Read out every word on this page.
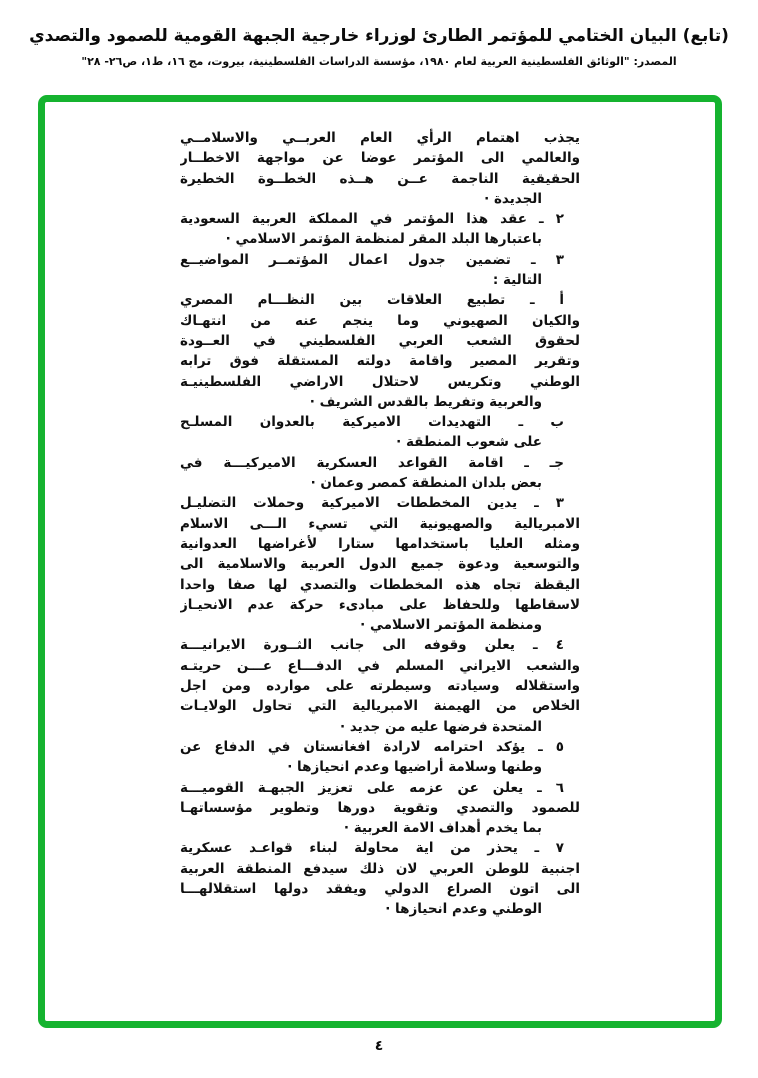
(تابع) البيان الختامي للمؤتمر الطارئ لوزراء خارجية الجبهة القومية للصمود والتصدي
المصدر: "الوثائق الفلسطينية العربية لعام ١٩٨٠، مؤسسة الدراسات الفلسطينية، بيروت، مج ١٦، ط١، ص٢٦- ٢٨"
يجذب اهتمام الرأي العام العربــي والاسلامــي
والعالمي الى المؤتمر عوضا عن مواجهة الاخطــار
الحقيقية الناجمة عــن هــذه الخطــوة الخطيرة
الجديدة ·
٢ ـ عقد هذا المؤتمر في المملكة العربية السعودية
باعتبارها البلد المقر لمنظمة المؤتمر الاسلامي ·
٣ ـ تضمين جدول اعمال المؤتمــر المواضيــع
التالية :
أ ـ تطبيع العلاقات بين النظـــام المصري
والكيان الصهيوني وما ينجم عنه من انتهـاك
لحقوق الشعب العربي الفلسطيني في العــودة
وتقرير المصير واقامة دولته المستقلة فوق ترابه
الوطني وتكريس لاحتلال الاراضي الفلسطينيـة
والعربية وتفريط بالقدس الشريف ·
ب ـ التهديدات الاميركية بالعدوان المسلـح
على شعوب المنطقة ·
جـ ـ اقامة القواعد العسكرية الاميركيـــة في
بعض بلدان المنطقة كمصر وعمان ·
٣ ـ يدين المخططات الاميركية وحملات التضليـل
الامبريالية والصهيونية التي تسيء الـــى الاسلام
ومثله العليا باستخدامها ستارا لأغراضها العدوانية
والتوسعية ودعوة جميع الدول العربية والاسلامية الى
اليقظة تجاه هذه المخططات والتصدي لها صفا واحدا
لاسقاطها وللحفاظ على مبادىء حركة عدم الانحيـاز
ومنظمة المؤتمر الاسلامي ·
٤ ـ يعلن وقوفه الى جانب الثــورة الايرانيـــة
والشعب الايراني المسلم في الدفـــاع عـــن حريتـه
واستقلاله وسيادته وسيطرته على موارده ومن اجل
الخلاص من الهيمنة الامبريالية التي تحاول الولايـات
المتحدة فرضها عليه من جديد ·
٥ ـ يؤكد احترامه لارادة افغانستان في الدفاع عن
وطنها وسلامة أراضيها وعدم انحيازها ·
٦ ـ يعلن عن عزمه على تعزيز الجبهـة القوميـــة
للصمود والتصدي وتقوية دورها وتطوير مؤسساتهـا
بما يخدم أهداف الامة العربية ·
٧ ـ يحذر من اية محاولة لبناء قواعـد عسكرية
اجنبية للوطن العربي لان ذلك سيدفع المنطقة العربية
الى اتون الصراع الدولي ويفقد دولها استقلالهـــا
الوطني وعدم انحيازها ·
٤
